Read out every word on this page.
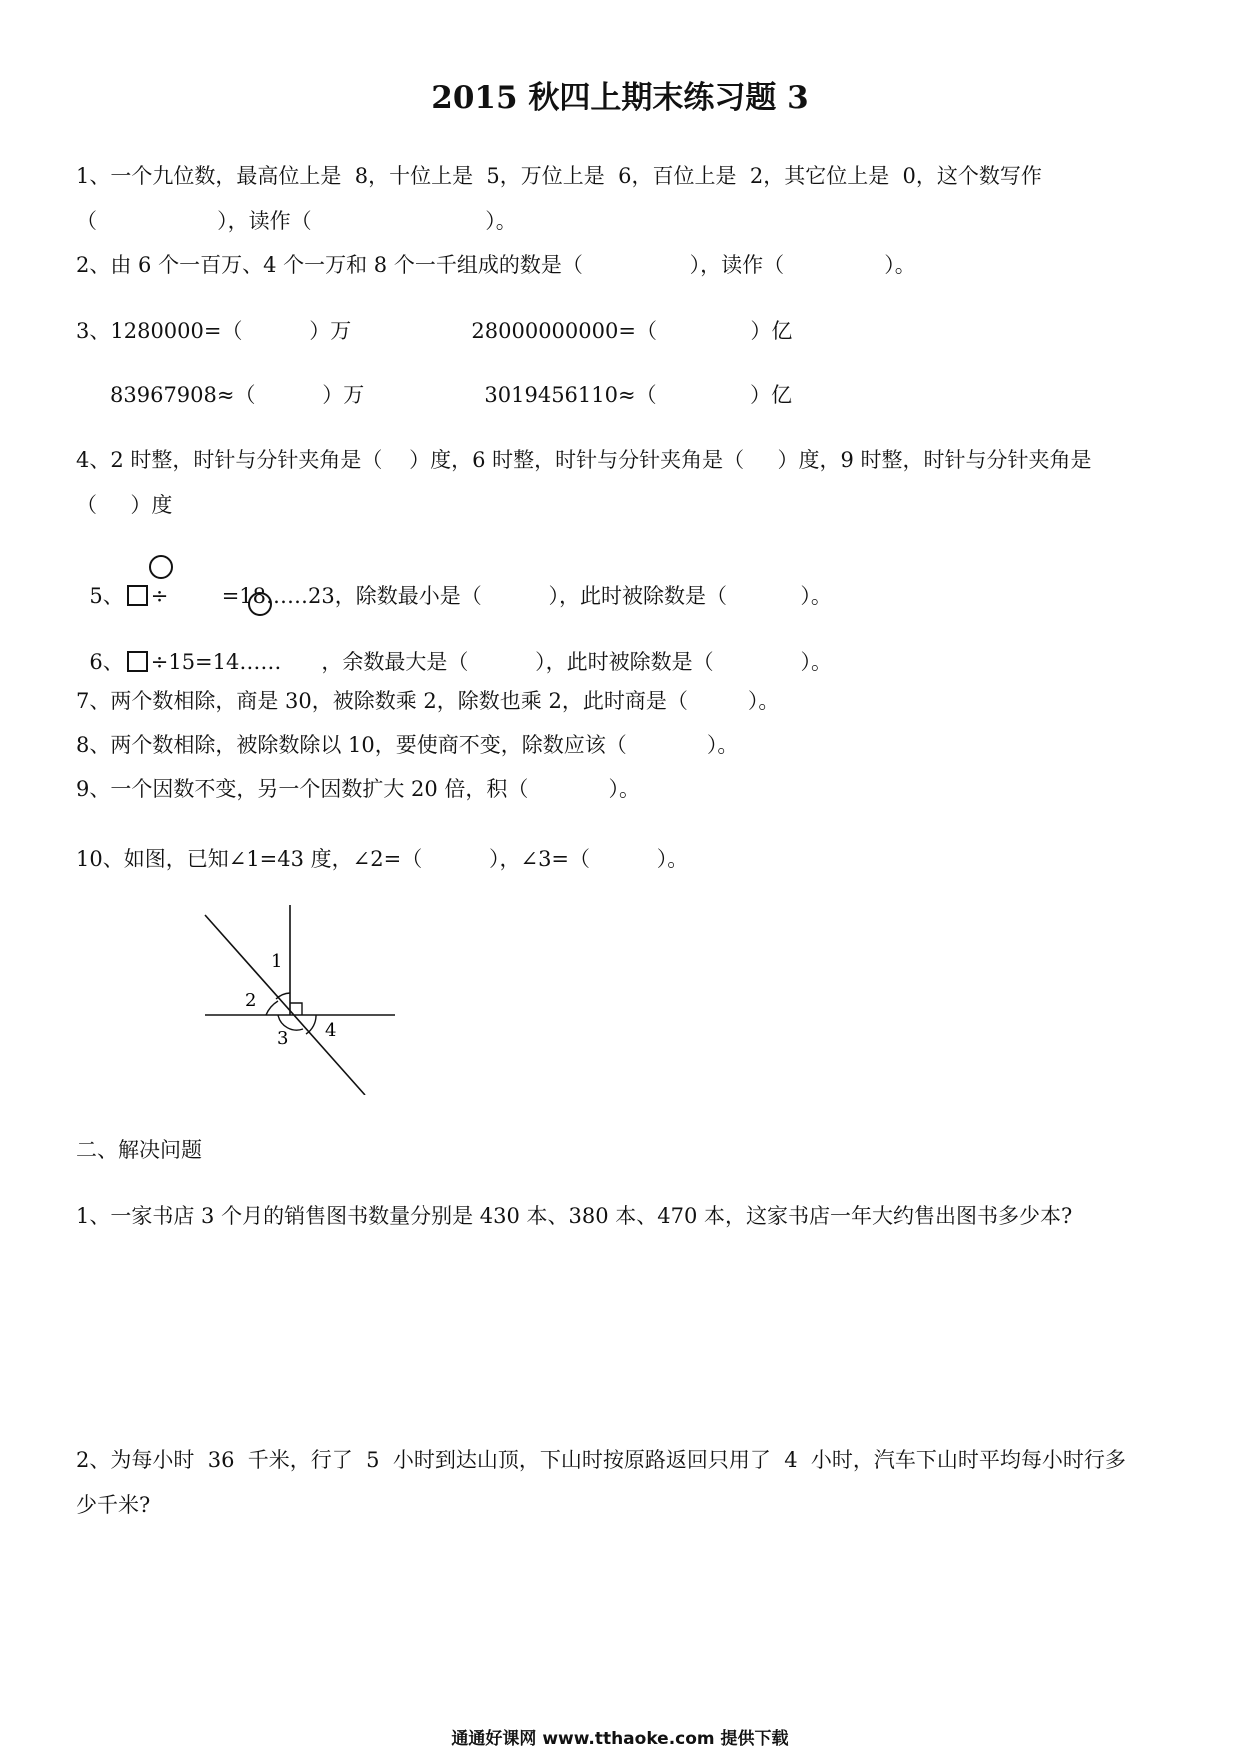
2015 秋四上期末练习题 3
1、一个九位数，最高位上是  8，十位上是  5，万位上是  6，百位上是  2，其它位上是  0，这个数写作
（                  ），读作（                          ）。
2、由 6 个一百万、4 个一万和 8 个一千组成的数是（                ），读作（               ）。
3、1280000=（          ）万                  28000000000=（              ）亿
83967908≈（          ）万                  3019456110≈（              ）亿
4、2 时整，时针与分针夹角是（    ）度，6 时整，时针与分针夹角是（     ）度，9 时整，时针与分针夹角是
（     ）度

5、 ÷  =18……23，除数最小是（          ），此时被除数是（           ）。

6、 ÷15=14……      ，余数最大是（          ），此时被除数是（             ）。

7、两个数相除，商是 30，被除数乘 2，除数也乘 2，此时商是（         ）。
8、两个数相除，被除数除以 10，要使商不变，除数应该（            ）。
9、一个因数不变，另一个因数扩大 20 倍，积（            ）。
10、如图，已知∠1=43 度，∠2=（          ），∠3=（          ）。
1
2
3 4
二、解决问题
1、一家书店 3 个月的销售图书数量分别是 430 本、380 本、470 本，这家书店一年大约售出图书多少本?
2、为每小时  36  千米，行了  5  小时到达山顶，下山时按原路返回只用了  4  小时，汽车下山时平均每小时行多
少千米?
通通好课网 www.tthaoke.com 提供下载
